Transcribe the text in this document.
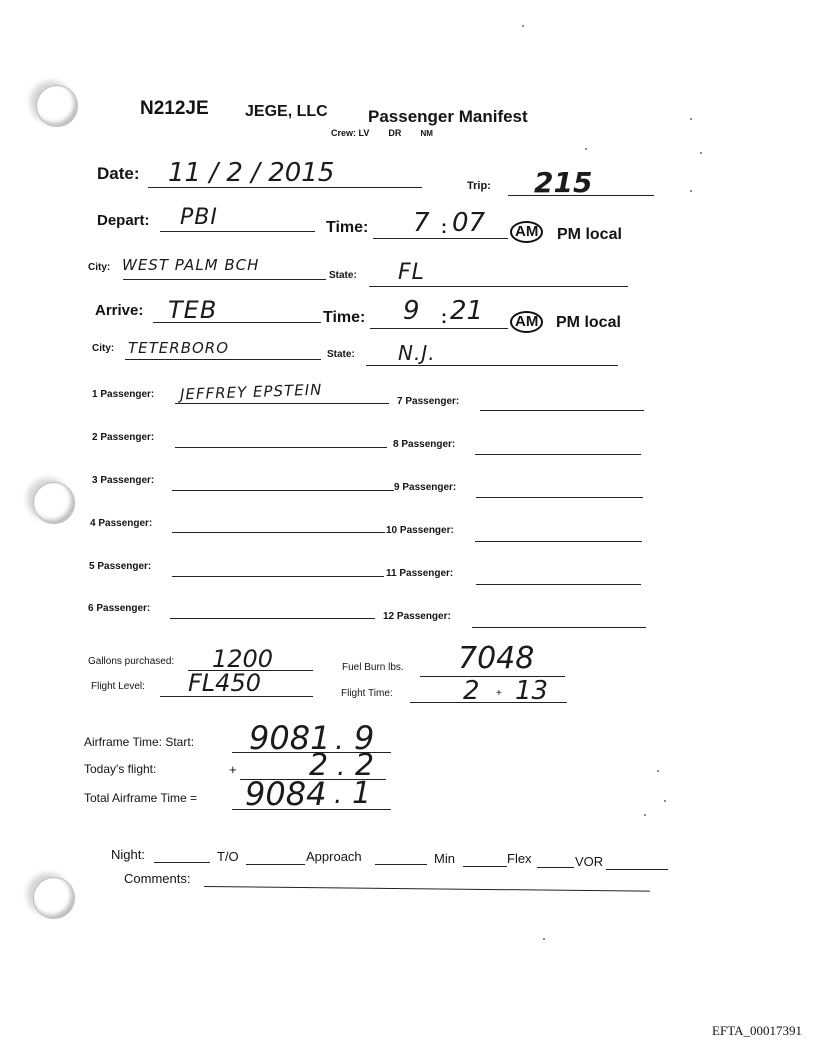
N212JE JEGE, LLC Passenger Manifest
Crew: LV DR NM
Date: 11 / 2 / 2015	Trip: 215
Depart: PBI	Time: 7 : 07	AM	PM local
City: WEST PALM BCH
State: FL
Arrive: TEB	Time: 9 : 21	AM	PM local
City: TETERBORO	State: N.J.
1 Passenger: JEFFREY EPSTEIN
2 Passenger:
3 Passenger:
4 Passenger:
5 Passenger:
6 Passenger:
7 Passenger:
8 Passenger:
9 Passenger:
10 Passenger:
11 Passenger:
12 Passenger:
Gallons purchased: 1200	Fuel Burn lbs. 7048
Flight Level: FL450	Flight Time:	2 + 13
Airframe Time: Start: 9081 . 9
Today's flight:	+ 2 . 2
Total Airframe Time = 9084 . 1
Night:	T/O	Approach	Min	Flex	VOR
Comments:
EFTA_00017391
